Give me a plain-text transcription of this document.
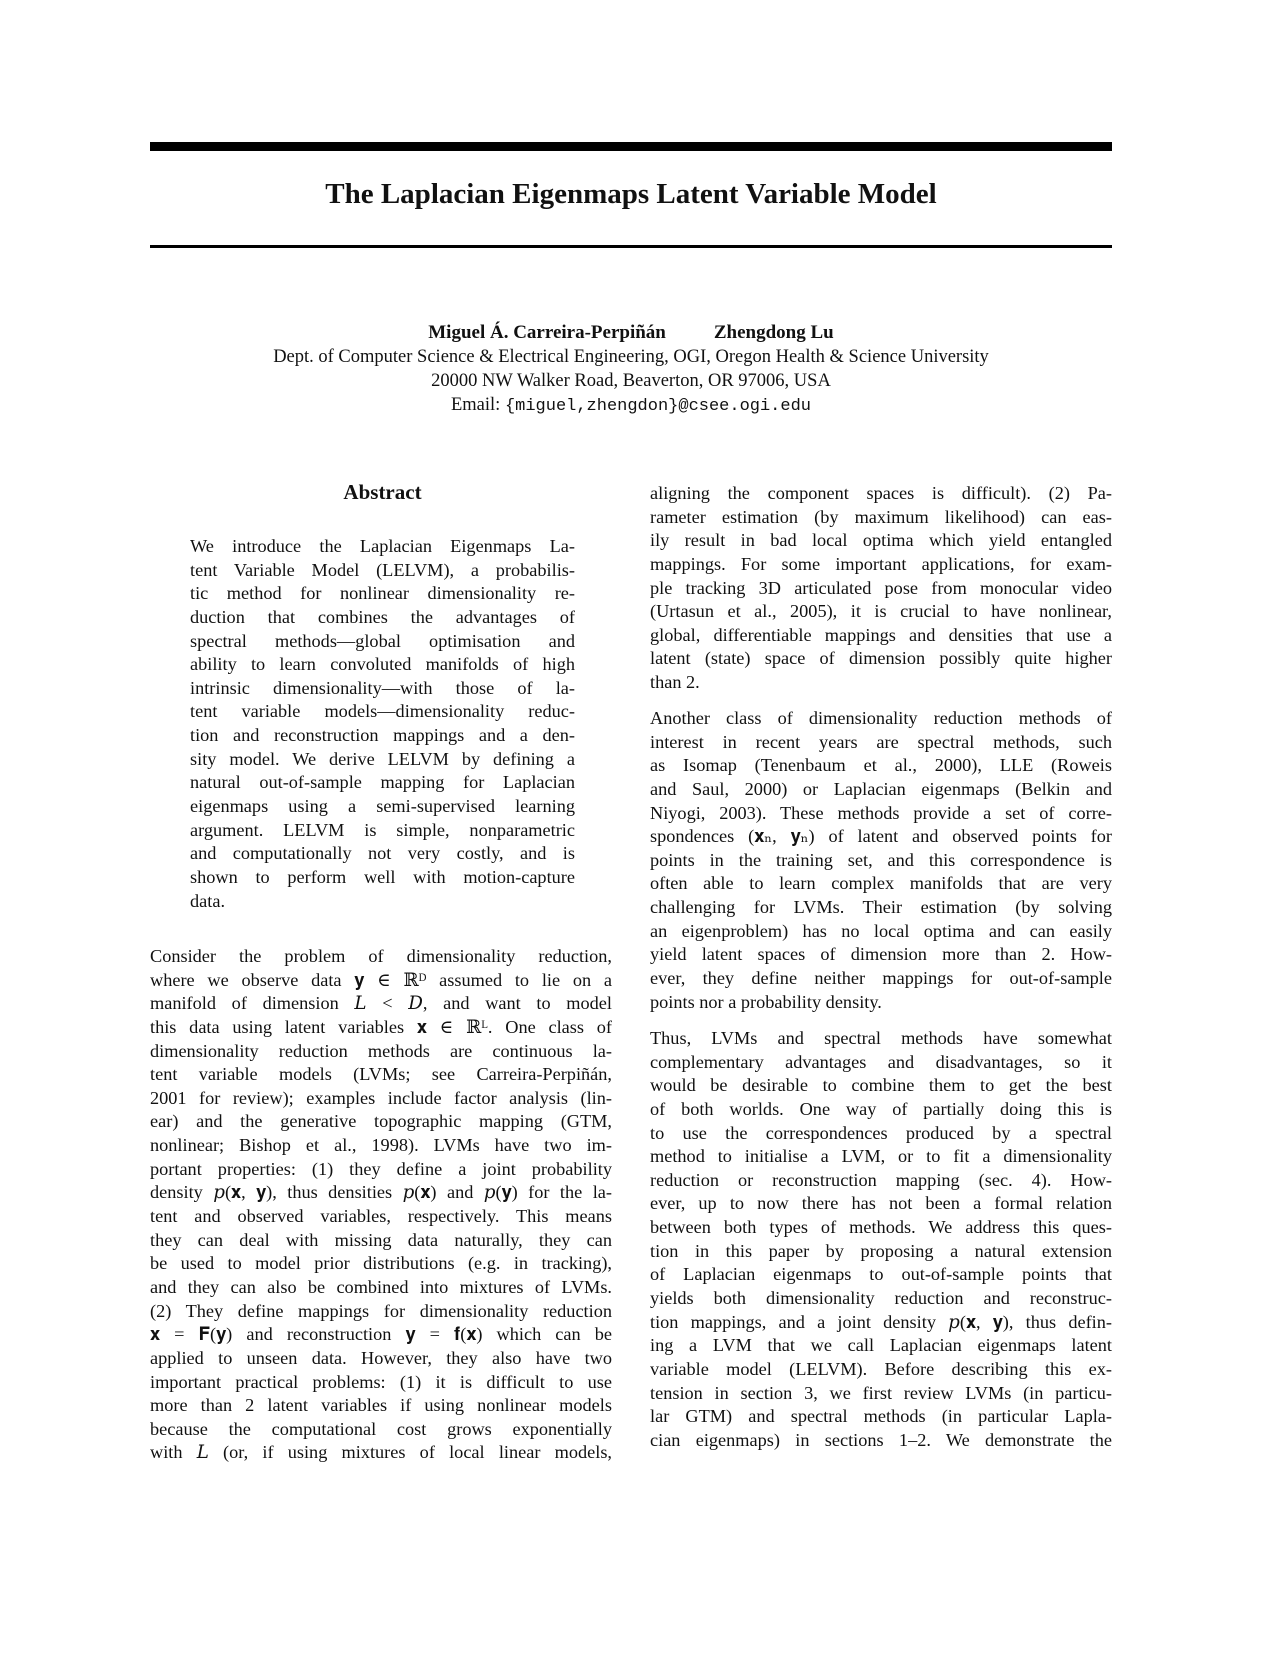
The Laplacian Eigenmaps Latent Variable Model
Miguel Á. Carreira-Perpiñán	Zhengdong Lu
Dept. of Computer Science & Electrical Engineering, OGI, Oregon Health & Science University
20000 NW Walker Road, Beaverton, OR 97006, USA
Email: {miguel,zhengdon}@csee.ogi.edu
Abstract
We introduce the Laplacian Eigenmaps La-
tent Variable Model (LELVM), a probabilis-
tic method for nonlinear dimensionality re-
duction that combines the advantages of
spectral methods—global optimisation and
ability to learn convoluted manifolds of high
intrinsic dimensionality—with those of la-
tent variable models—dimensionality reduc-
tion and reconstruction mappings and a den-
sity model. We derive LELVM by defining a
natural out-of-sample mapping for Laplacian
eigenmaps using a semi-supervised learning
argument. LELVM is simple, nonparametric
and computationally not very costly, and is
shown to perform well with motion-capture
data.
Consider the problem of dimensionality reduction,
where we observe data 𝐲 ∈ ℝᴰ assumed to lie on a
manifold of dimension 𝐿 < 𝐷, and want to model
this data using latent variables 𝐱 ∈ ℝᴸ. One class of
dimensionality reduction methods are continuous la-
tent variable models (LVMs; see Carreira-Perpiñán,
2001 for review); examples include factor analysis (lin-
ear) and the generative topographic mapping (GTM,
nonlinear; Bishop et al., 1998). LVMs have two im-
portant properties: (1) they define a joint probability
density 𝑝(𝐱, 𝐲), thus densities 𝑝(𝐱) and 𝑝(𝐲) for the la-
tent and observed variables, respectively. This means
they can deal with missing data naturally, they can
be used to model prior distributions (e.g. in tracking),
and they can also be combined into mixtures of LVMs.
(2) They define mappings for dimensionality reduction
𝐱 = 𝐅(𝐲) and reconstruction 𝐲 = 𝐟(𝐱) which can be
applied to unseen data. However, they also have two
important practical problems: (1) it is difficult to use
more than 2 latent variables if using nonlinear models
because the computational cost grows exponentially
with 𝐿 (or, if using mixtures of local linear models,
aligning the component spaces is difficult). (2) Pa-
rameter estimation (by maximum likelihood) can eas-
ily result in bad local optima which yield entangled
mappings. For some important applications, for exam-
ple tracking 3D articulated pose from monocular video
(Urtasun et al., 2005), it is crucial to have nonlinear,
global, differentiable mappings and densities that use a
latent (state) space of dimension possibly quite higher
than 2.
Another class of dimensionality reduction methods of
interest in recent years are spectral methods, such
as Isomap (Tenenbaum et al., 2000), LLE (Roweis
and Saul, 2000) or Laplacian eigenmaps (Belkin and
Niyogi, 2003). These methods provide a set of corre-
spondences (𝐱ₙ, 𝐲ₙ) of latent and observed points for
points in the training set, and this correspondence is
often able to learn complex manifolds that are very
challenging for LVMs. Their estimation (by solving
an eigenproblem) has no local optima and can easily
yield latent spaces of dimension more than 2. How-
ever, they define neither mappings for out-of-sample
points nor a probability density.
Thus, LVMs and spectral methods have somewhat
complementary advantages and disadvantages, so it
would be desirable to combine them to get the best
of both worlds. One way of partially doing this is
to use the correspondences produced by a spectral
method to initialise a LVM, or to fit a dimensionality
reduction or reconstruction mapping (sec. 4). How-
ever, up to now there has not been a formal relation
between both types of methods. We address this ques-
tion in this paper by proposing a natural extension
of Laplacian eigenmaps to out-of-sample points that
yields both dimensionality reduction and reconstruc-
tion mappings, and a joint density 𝑝(𝐱, 𝐲), thus defin-
ing a LVM that we call Laplacian eigenmaps latent
variable model (LELVM). Before describing this ex-
tension in section 3, we first review LVMs (in particu-
lar GTM) and spectral methods (in particular Lapla-
cian eigenmaps) in sections 1–2. We demonstrate the
